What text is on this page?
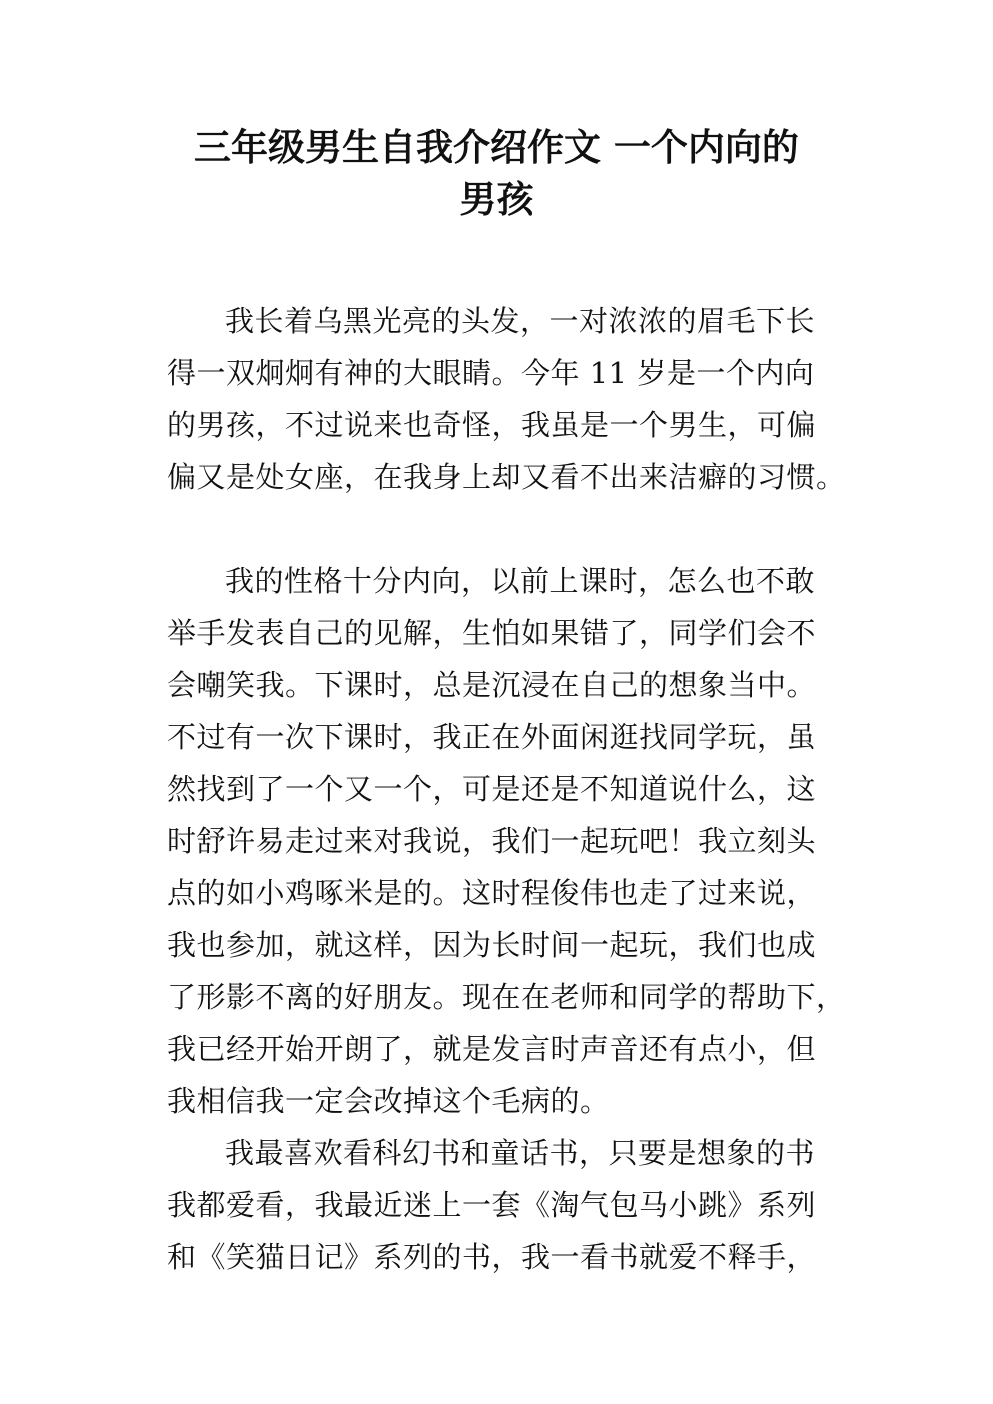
三年级男生自我介绍作文 一个内向的
男孩
我长着乌黑光亮的头发，一对浓浓的眉毛下长
得一双炯炯有神的大眼睛。今年 11 岁是一个内向
的男孩，不过说来也奇怪，我虽是一个男生，可偏
偏又是处女座，在我身上却又看不出来洁癖的习惯。
我的性格十分内向，以前上课时，怎么也不敢
举手发表自己的见解，生怕如果错了，同学们会不
会嘲笑我。下课时，总是沉浸在自己的想象当中。
不过有一次下课时，我正在外面闲逛找同学玩，虽
然找到了一个又一个，可是还是不知道说什么，这
时舒许易走过来对我说，我们一起玩吧！我立刻头
点的如小鸡啄米是的。这时程俊伟也走了过来说，
我也参加，就这样，因为长时间一起玩，我们也成
了形影不离的好朋友。现在在老师和同学的帮助下，
我已经开始开朗了，就是发言时声音还有点小，但
我相信我一定会改掉这个毛病的。
我最喜欢看科幻书和童话书，只要是想象的书
我都爱看，我最近迷上一套《淘气包马小跳》系列
和《笑猫日记》系列的书，我一看书就爱不释手，
